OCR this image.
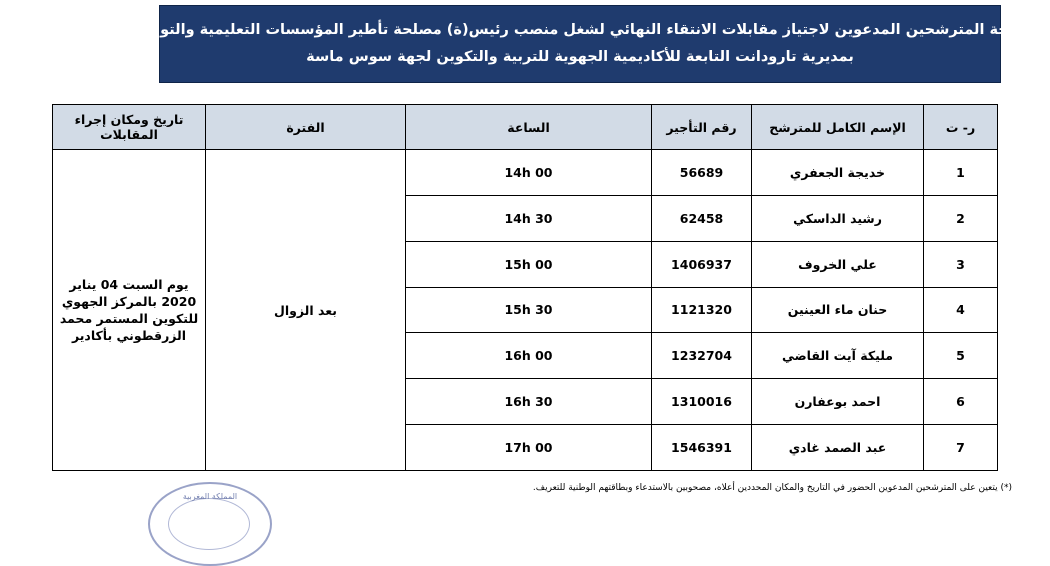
لائحة المترشحين المدعوين لاجتياز مقابلات الانتقاء النهائي لشغل منصب رئيس(ة) مصلحة تأطير المؤسسات التعليمية والتوجيه
بمديرية تارودانت التابعة للأكاديمية الجهوية للتربية والتكوين لجهة سوس ماسة
ر- ت	الإسم الكامل للمترشح	رقم التأجير	الساعة	الفترة	تاريخ ومكان إجراء المقابلات
1	خديجة الجعفري	56689	14h 00	بعد الزوال	يوم السبت 04 يناير 2020 بالمركز الجهوي للتكوين المستمر محمد الزرقطوني بأكادير

2	رشيد الداسكي	62458	14h 30		
3	علي الخروف	1406937	15h 00		
4	حنان ماء العينين	1121320	15h 30		
5	مليكة آيت القاضي	1232704	16h 00		
6	احمد بوعفارن	1310016	16h 30		
7	عبد الصمد غادي	1546391	17h 00		
(*) يتعين على المترشحين المدعوين الحضور في التاريخ والمكان المحددين أعلاه، مصحوبين بالاستدعاء وبطاقتهم الوطنية للتعريف.
المملكة المغربية
